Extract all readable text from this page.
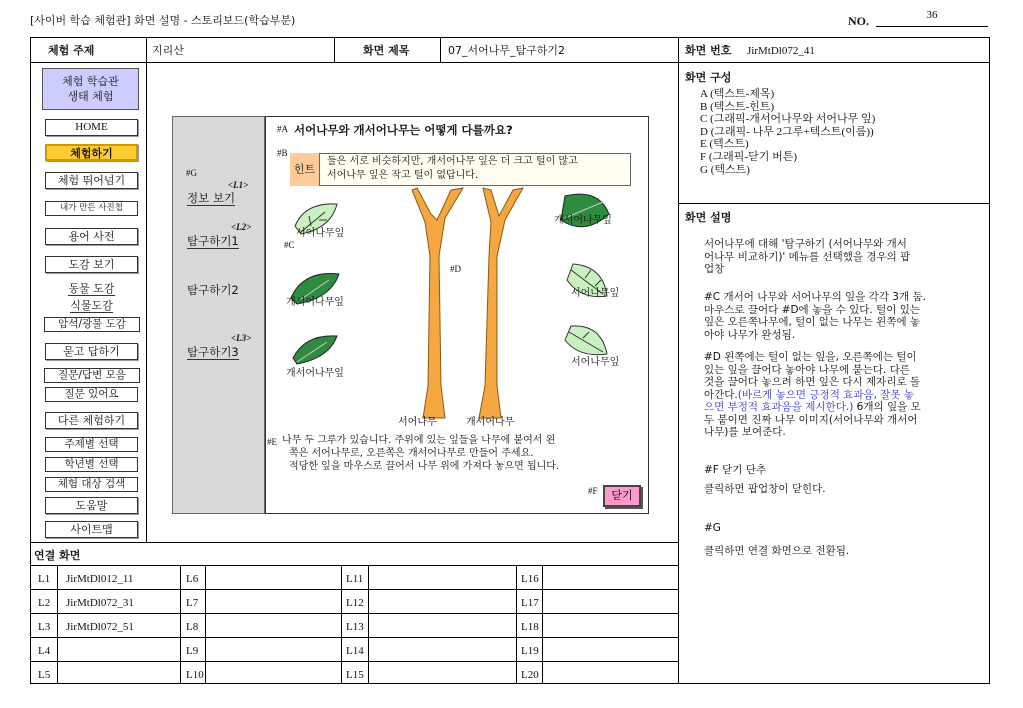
[사이버 학습 체험관] 화면 설명 - 스토리보드(학습부분)	NO.	36
체험 주제	지리산	화면 제목	07_서어나무_탐구하기2	화면 번호 JirMtDl072_41
체험 학습관
생태 체험
HOME
체험하기
체험 뛰어넘기
내가 만든 사진첩
용어 사전
도감 보기
동물 도감
식물도감
암석/광물 도감
묻고 답하기
질문/답변 모음
질문 있어요
다른 체험하기
주제별 선택
학년별 선택
체험 대상 검색
도움말
사이트맵
#G
<L1>
정보 보기
<L2>
탐구하기1
탐구하기2
<L3>
탐구하기3
#A 서어나무와 개서어나무는 어떻게 다를까요?
#B
힌트
둘은 서로 비슷하지만, 개서어나무 잎은 더 크고 털이 많고
서어나무 잎은 작고 털이 없답니다.
#C
#D
서어나무잎
개서어나무잎
개서어나무잎
개서어나무잎
서어나무잎
서어나무잎
서어나무	개서어나무
#E 나무 두 그루가 있습니다. 주위에 있는 잎들을 나무에 붙여서 왼
쪽은 서어나무로, 오른쪽은 개서어나무로 만들어 주세요.
적당한 잎을 마우스로 끌어서 나무 위에 가져다 놓으면 됩니다.
#F	닫기
연결 화면
L1 JirMtDl012_11	L6	L11	L16
L2 JirMtDl072_31	L7	L12	L17
L3 JirMtDl072_51	L8	L13	L18
L4	L9	L14	L19
L5	L10	L15	L20
화면 구성
A (텍스트-제목)
B (텍스트-힌트)
C (그래픽-개서어나무와 서어나무 잎)
D (그래픽- 나무 2그루+텍스트(이름))
E (텍스트)
F (그래픽-닫기 버튼)
G (텍스트)
화면 설명
서어나무에 대해 '탐구하기 (서어나무와 개서
어나무 비교하기)' 메뉴를 선택했을 경우의 팝
업창
#C 개서어 나무와 서어나무의 잎을 각각 3개 둠.
마우스로 끌어다 #D에 놓을 수 있다. 털이 있는
잎은 오른쪽나무에, 털이 없는 나무는 왼쪽에 놓
아야 나무가 완성됨.
#D 왼쪽에는 털이 없는 잎을, 오른쪽에는 털이
있는 잎을 끌어다 놓아야 나무에 붙는다. 다른
것을 끌어다 놓으려 하면 잎은 다시 제자리로 돌
아간다.(바르게 놓으면 긍정적 효과음, 잘못 놓
으면 부정적 효과음을 제시한다.) 6개의 잎을 모
두 붙이면 진짜 나무 이미지(서어나무와 개서어
나무)를 보여준다.
#F 닫기 단추
클릭하면 팝업창이 닫힌다.
#G
클릭하면 연결 화면으로 전환됨.
